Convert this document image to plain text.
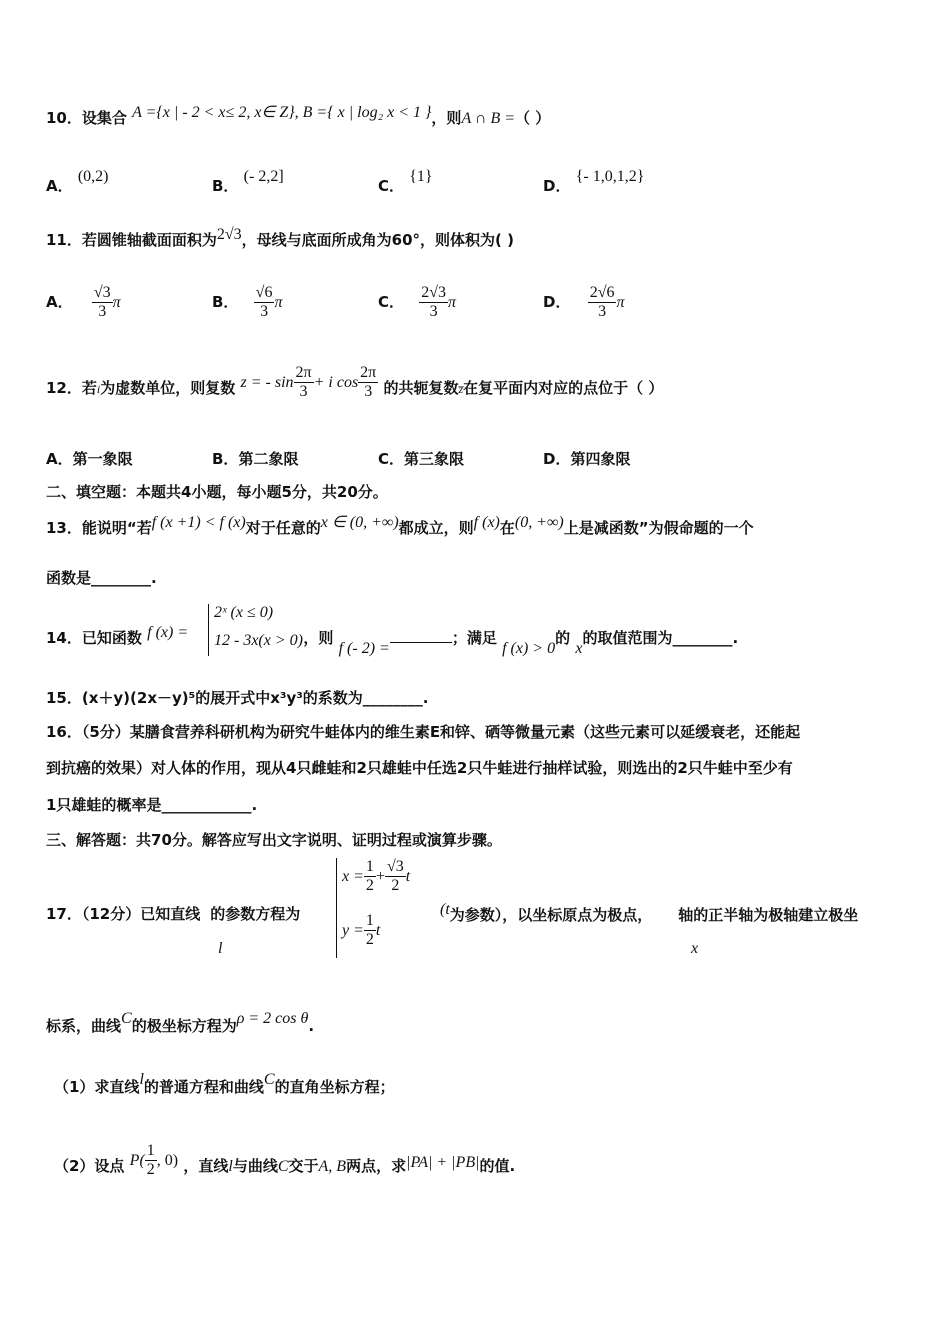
10．设集合 A ={x | - 2 < x≤ 2, x∈ Z}, B ={ x | log₂ x < 1 }，则A ∩ B =（ ）
A． (0,2)
B． (- 2,2]
C． {1}
D． {- 1,0,1,2}
11．若圆锥轴截面面积为2√3，母线与底面所成角为60°，则体积为( )
A． $\frac{√3}{3}$ π	B． $\frac{√6}{3}$ π	C． $\frac{2√3}{3}$ π	D． $\frac{2√6}{3}$ π
12．若i为虚数单位，则复数 z = - $\sin \frac{2\pi}{3} + i$ $\cos \frac{2\pi}{3}$ 的共轭复数z̅在复平面内对应的点位于（ ）
A．第一象限	B．第二象限	C．第三象限	D．第四象限
二、填空题：本题共4小题，每小题5分，共20分。
13．能说明“若f (x +1) < f (x)对于任意的x ∈ (0, +∞)都成立，则f (x)在(0, +∞)上是减函数”为假命题的一个
函数是________.
14．已知函数 f (x) =	，则 f (- 2) =；满足 f (x) > 0的 x的取值范围为________.
2ˣ (x ≤ 0)
12 - 3x(x > 0)
15．(x＋y)(2x－y)⁵的展开式中x³y³的系数为________.
16．（5分）某膳食营养科研机构为研究牛蛙体内的维生素E和锌、硒等微量元素（这些元素可以延缓衰老，还能起
到抗癌的效果）对人体的作用，现从4只雌蛙和2只雄蛙中任选2只牛蛙进行抽样试验，则选出的2只牛蛙中至少有
1只雄蛙的概率是____________.
三、解答题：共70分。解答应写出文字说明、证明过程或演算步骤。
17．（12分）已知直线 的参数方程为
l
$x = \frac{1}{2} + \frac{√3}{2}$ t
$y = \frac{1}{2}$ t
(t为参数），以坐标原点为极点， 轴的正半轴为极轴建立极坐
x
标系，曲线C的极坐标方程为ρ = 2 cos θ.
（1）求直线l的普通方程和曲线C的直角坐标方程；
（2）设点 $P( \frac{1}{2}$ , 0) ，直线l与曲线C交于A, B两点，求|PA| + |PB|的值.
